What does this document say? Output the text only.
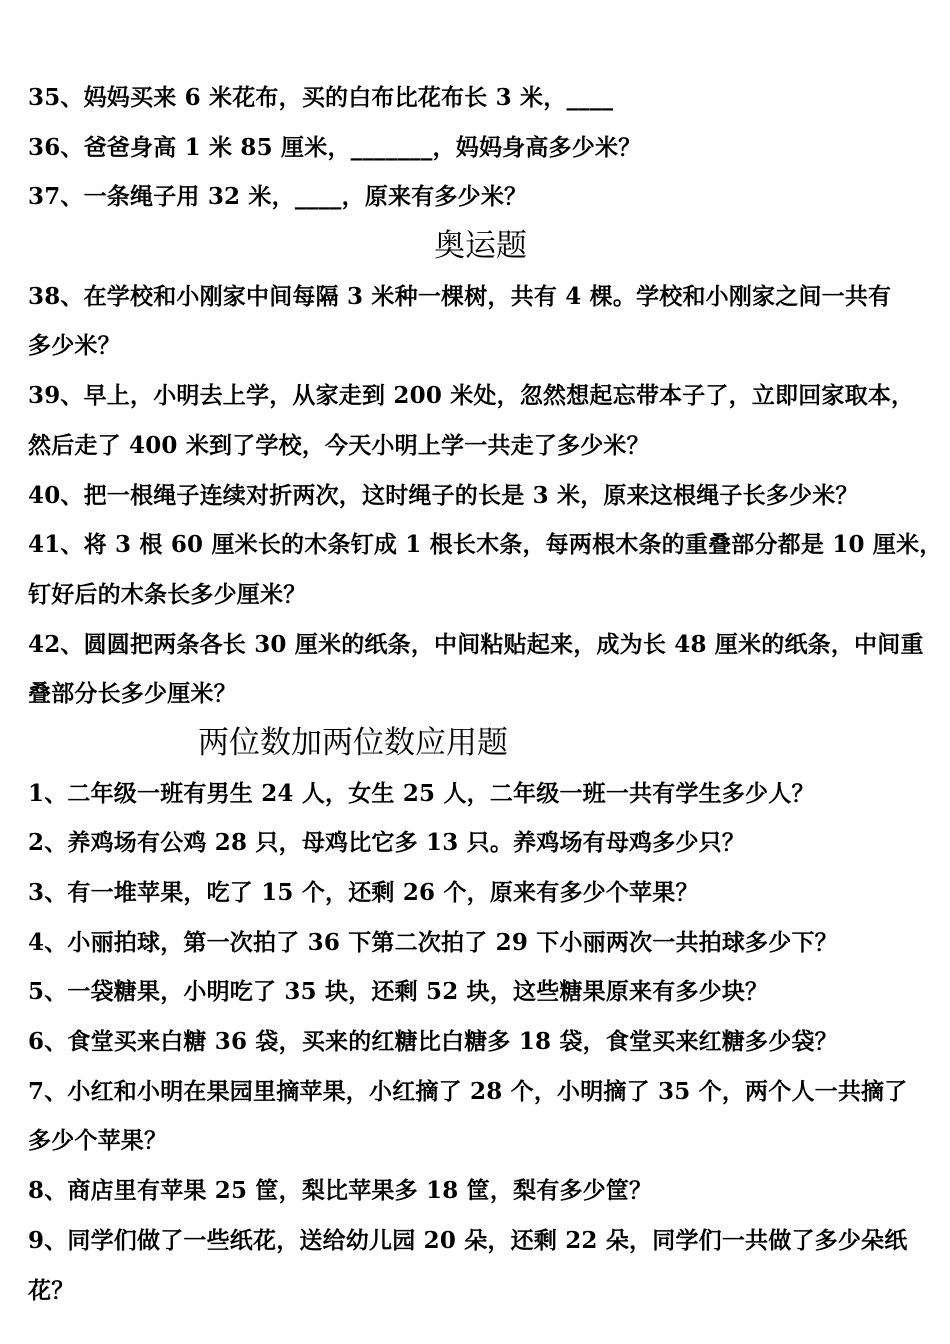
35、妈妈买来 6 米花布，买的白布比花布长 3 米，____
36、爸爸身高 1 米 85 厘米，_______，妈妈身高多少米？
37、一条绳子用 32 米，____，原来有多少米？
奥运题
38、在学校和小刚家中间每隔 3 米种一棵树，共有 4 棵。学校和小刚家之间一共有
多少米？
39、早上，小明去上学，从家走到 200 米处，忽然想起忘带本子了，立即回家取本，
然后走了 400 米到了学校，今天小明上学一共走了多少米？
40、把一根绳子连续对折两次，这时绳子的长是 3 米，原来这根绳子长多少米？
41、将 3 根 60 厘米长的木条钉成 1 根长木条，每两根木条的重叠部分都是 10 厘米，
钉好后的木条长多少厘米？
42、圆圆把两条各长 30 厘米的纸条，中间粘贴起来，成为长 48 厘米的纸条，中间重
叠部分长多少厘米？
两位数加两位数应用题
1、二年级一班有男生 24 人，女生 25 人，二年级一班一共有学生多少人？
2、养鸡场有公鸡 28 只，母鸡比它多 13 只。养鸡场有母鸡多少只？
3、有一堆苹果，吃了 15 个，还剩 26 个，原来有多少个苹果？
4、小丽拍球，第一次拍了 36 下第二次拍了 29 下小丽两次一共拍球多少下？
5、一袋糖果，小明吃了 35 块，还剩 52 块，这些糖果原来有多少块？
6、食堂买来白糖 36 袋，买来的红糖比白糖多 18 袋，食堂买来红糖多少袋？
7、小红和小明在果园里摘苹果，小红摘了 28 个，小明摘了 35 个，两个人一共摘了
多少个苹果？
8、商店里有苹果 25 筐，梨比苹果多 18 筐，梨有多少筐？
9、同学们做了一些纸花，送给幼儿园 20 朵，还剩 22 朵，同学们一共做了多少朵纸
花？
